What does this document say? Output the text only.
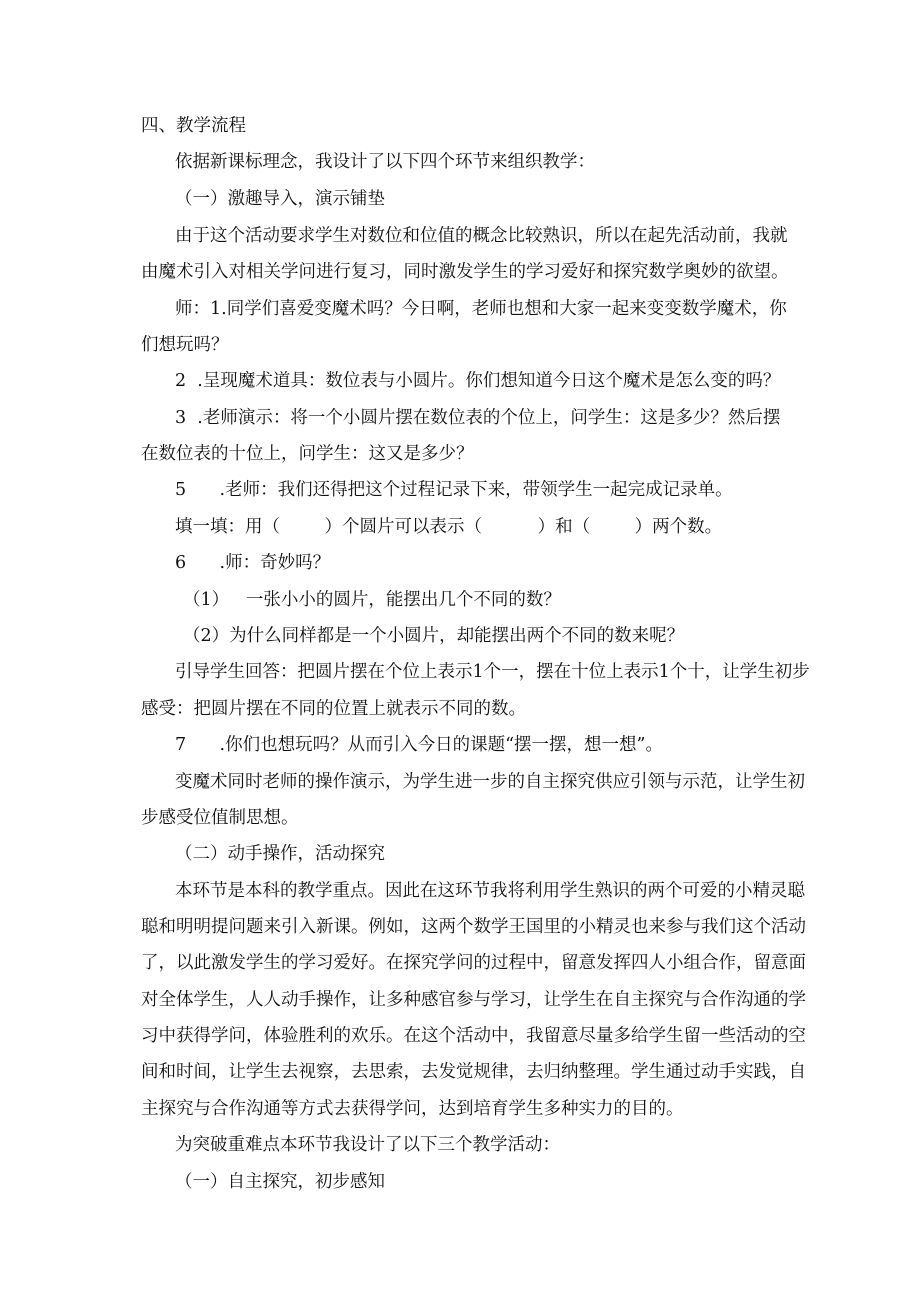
四、教学流程

依据新课标理念，我设计了以下四个环节来组织教学：

（一）激趣导入，演示铺垫

由于这个活动要求学生对数位和位值的概念比较熟识，所以在起先活动前，我就

由魔术引入对相关学问进行复习，同时激发学生的学习爱好和探究数学奥妙的欲望。

师：1.同学们喜爱变魔术吗？今日啊，老师也想和大家一起来变变数学魔术，你

们想玩吗？

2  .呈现魔术道具：数位表与小圆片。你们想知道今日这个魔术是怎么变的吗？

3  .老师演示：将一个小圆片摆在数位表的个位上，问学生：这是多少？然后摆

在数位表的十位上，问学生：这又是多少？

5      .老师：我们还得把这个过程记录下来，带领学生一起完成记录单。

填一填：用（        ）个圆片可以表示（          ）和（        ）两个数。

6      .师：奇妙吗？

（1）   一张小小的圆片，能摆出几个不同的数？

（2）为什么同样都是一个小圆片，却能摆出两个不同的数来呢？

引导学生回答：把圆片摆在个位上表示1个一，摆在十位上表示1个十，让学生初步

感受：把圆片摆在不同的位置上就表示不同的数。

7      .你们也想玩吗？从而引入今日的课题“摆一摆，想一想”。

变魔术同时老师的操作演示，为学生进一步的自主探究供应引领与示范，让学生初

步感受位值制思想。

（二）动手操作，活动探究

本环节是本科的教学重点。因此在这环节我将利用学生熟识的两个可爱的小精灵聪

聪和明明提问题来引入新课。例如，这两个数学王国里的小精灵也来参与我们这个活动

了，以此激发学生的学习爱好。在探究学问的过程中，留意发挥四人小组合作，留意面

对全体学生，人人动手操作，让多种感官参与学习，让学生在自主探究与合作沟通的学

习中获得学问，体验胜利的欢乐。在这个活动中，我留意尽量多给学生留一些活动的空

间和时间，让学生去视察，去思索，去发觉规律，去归纳整理。学生通过动手实践，自

主探究与合作沟通等方式去获得学问，达到培育学生多种实力的目的。

为突破重难点本环节我设计了以下三个教学活动：

（一）自主探究，初步感知
